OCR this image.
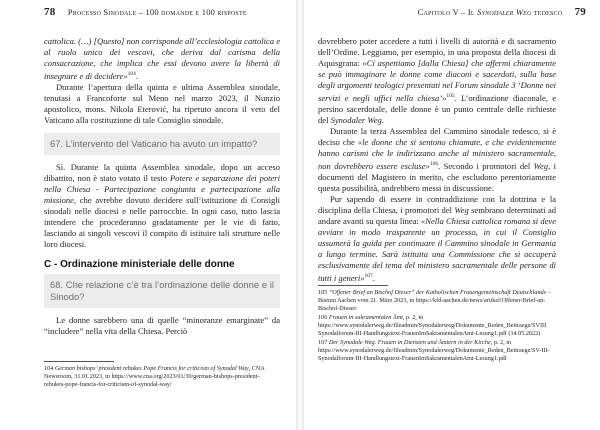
78 Processo Sinodale – 100 domande e 100 risposte

cattolica. (…) [Questo] non corrisponde all’ecclesiologia cattolica e al ruolo unico dei vescovi, che deriva dal carisma della consacrazione, che implica che essi devono avere la libertà di insegnare e di decidere»$^{104}$.

Durante l’apertura della quinta e ultima Assemblea sinodale, tenutasi a Francoforte sul Meno nel marzo 2023, il Nunzio apostolico, mons. Nikola Eterović, ha ripetuto ancora il veto del Vaticano alla costituzione di tale Consiglio sinodale.

67. L’intervento del Vaticano ha avuto un impatto?

Sì. Durante la quinta Assemblea sinodale, dopo un acceso dibattito, non è stato votato il testo Potere e separazione dei poteri nella Chiesa - Partecipazione congiunta e partecipazione alla missione, che avrebbe dovuto decidere sull’istituzione di Consigli sinodali nelle diocesi e nelle parrocchie. In ogni caso, tutto lascia intendere che procederanno gradatamente per le vie di fatto, lasciando ai singoli vescovi il compito di istituire tali strutture nelle loro diocesi.

C - Ordinazione ministeriale delle donne
68. Che relazione c’è tra l’ordinazione delle donne e il Sinodo?

Le donne sarebbero una di quelle “minoranze emarginate” da “includere” nella vita della Chiesa. Perciò

104 German bishops’ president rebukes Pope Francis for criticism of Synodal Way, CNA Newsroom, 31.01.2023, in https://www.cna.org/2023/01/30/german-bishops-president-rebukes-pope-francis-for-criticism-of-synodal-way/

Capitolo V – Il Synodaler Weg tedesco 79

dovrebbero poter accedere a tutti i livelli di autorità e di sacramento dell’Ordine. Leggiamo, per esempio, in una proposta della diocesi di Aquisgrana: «Ci aspettiamo [dalla Chiesa] che affermi chiaramente se può immaginare le donne come diaconi e sacerdoti, sulla base degli argomenti teologici presentati nel Forum sinodale 3 ‘Donne nei servizi e negli uffici nella chiesa’»$^{105}$. L’ordinazione diaconale, e persino sacerdotale, delle donne è un punto centrale delle richieste del Synodaler Weg.

Durante la terza Assemblea del Cammino sinodale tedesco, si è deciso che «le donne che si sentono chiamate, e che evidentemente hanno carismi che le indirizzano anche al ministero sacramentale, non dovrebbero essere escluse»$^{106}$. Secondo i promotori del Weg, i documenti del Magistero in merito, che escludono perentoriamente questa possibilità, andrebbero messi in discussione.

Pur sapendo di essere in contraddizione con la dottrina e la disciplina della Chiesa, i promotori del Weg sembrano determinati ad andare avanti su questa linea: «Nella Chiesa cattolica romana si deve avviare in modo trasparente un processo, in cui il Consiglio assumerà la guida per continuare il Cammino sinodale in Germania a lungo termine. Sarà istituita una Commissione che si occuperà esclusivamente del tema del ministero sacramentale delle persone di tutti i generi»$^{107}$.

105 “Offener Brief an Bischof Dieser” der Katholischen Frauengemeinschaft Deutschlands – Bistum Aachen vom 21. März 2023, in https://kfd-aachen.de/news/artikel/Offener-Brief-an-Bischof-Dieser/

106 Frauen in sakramentalen Ämt, p. 2, in https://www.synodalerweg.de/fileadmin/Synodalerweg/Dokumente_Reden_Beitraege/SVIII Synodalforum-III-Handlungstext-FrauenImSakramentalenAmt-Lesung1.pdf (14.05.2022)

107 Der Synodale Weg. Frauen in Diensten und Ämtern in der Kirche, p. 2, in https://www.synodalerweg.de/fileadmin/Synodalerweg/Dokumente_Reden_Beitraege/SV-III-Synodalforum-III-Handlungstext-FrauenImSakramentalenAmt-Lesung1.pdf
